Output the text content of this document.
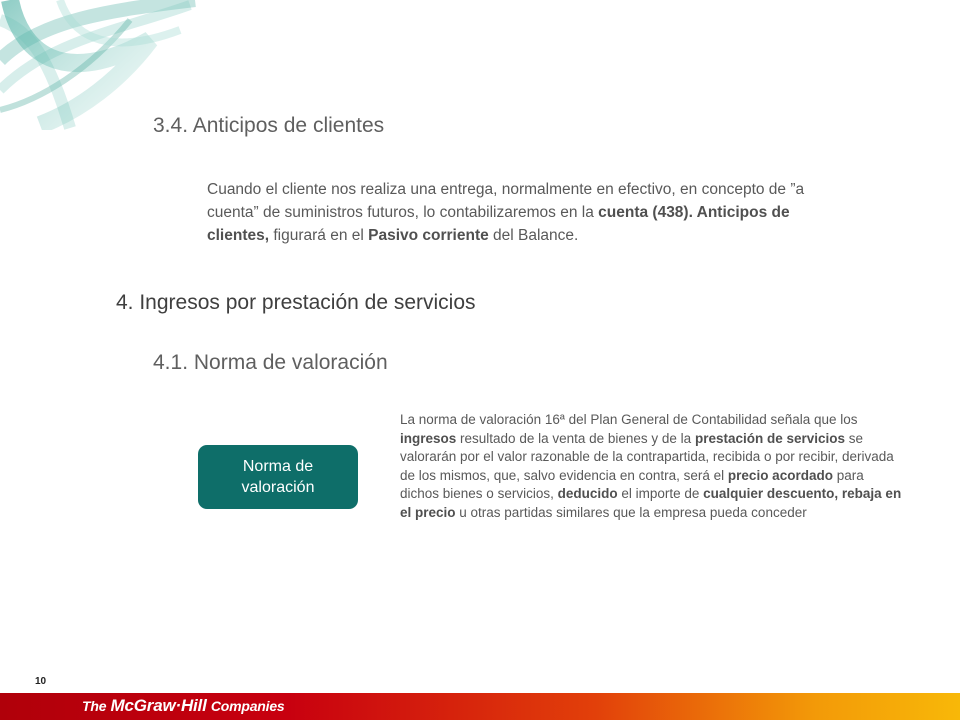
3.4. Anticipos de clientes

Cuando el cliente nos realiza una entrega, normalmente en efectivo, en concepto de ”a cuenta” de suministros futuros, lo contabilizaremos en la cuenta (438). Anticipos de clientes, figurará en el Pasivo corriente del Balance.

4. Ingresos por prestación de servicios
4.1. Norma de valoración
Norma de valoración

La norma de valoración 16ª del Plan General de Contabilidad señala que los ingresos resultado de la venta de bienes y de la prestación de servicios se valorarán por el valor razonable de la contrapartida, recibida o por recibir, derivada de los mismos, que, salvo evidencia en contra, será el precio acordado para dichos bienes o servicios, deducido el importe de cualquier descuento, rebaja en el precio u otras partidas similares que la empresa pueda conceder

10
The McGraw·Hill Companies
